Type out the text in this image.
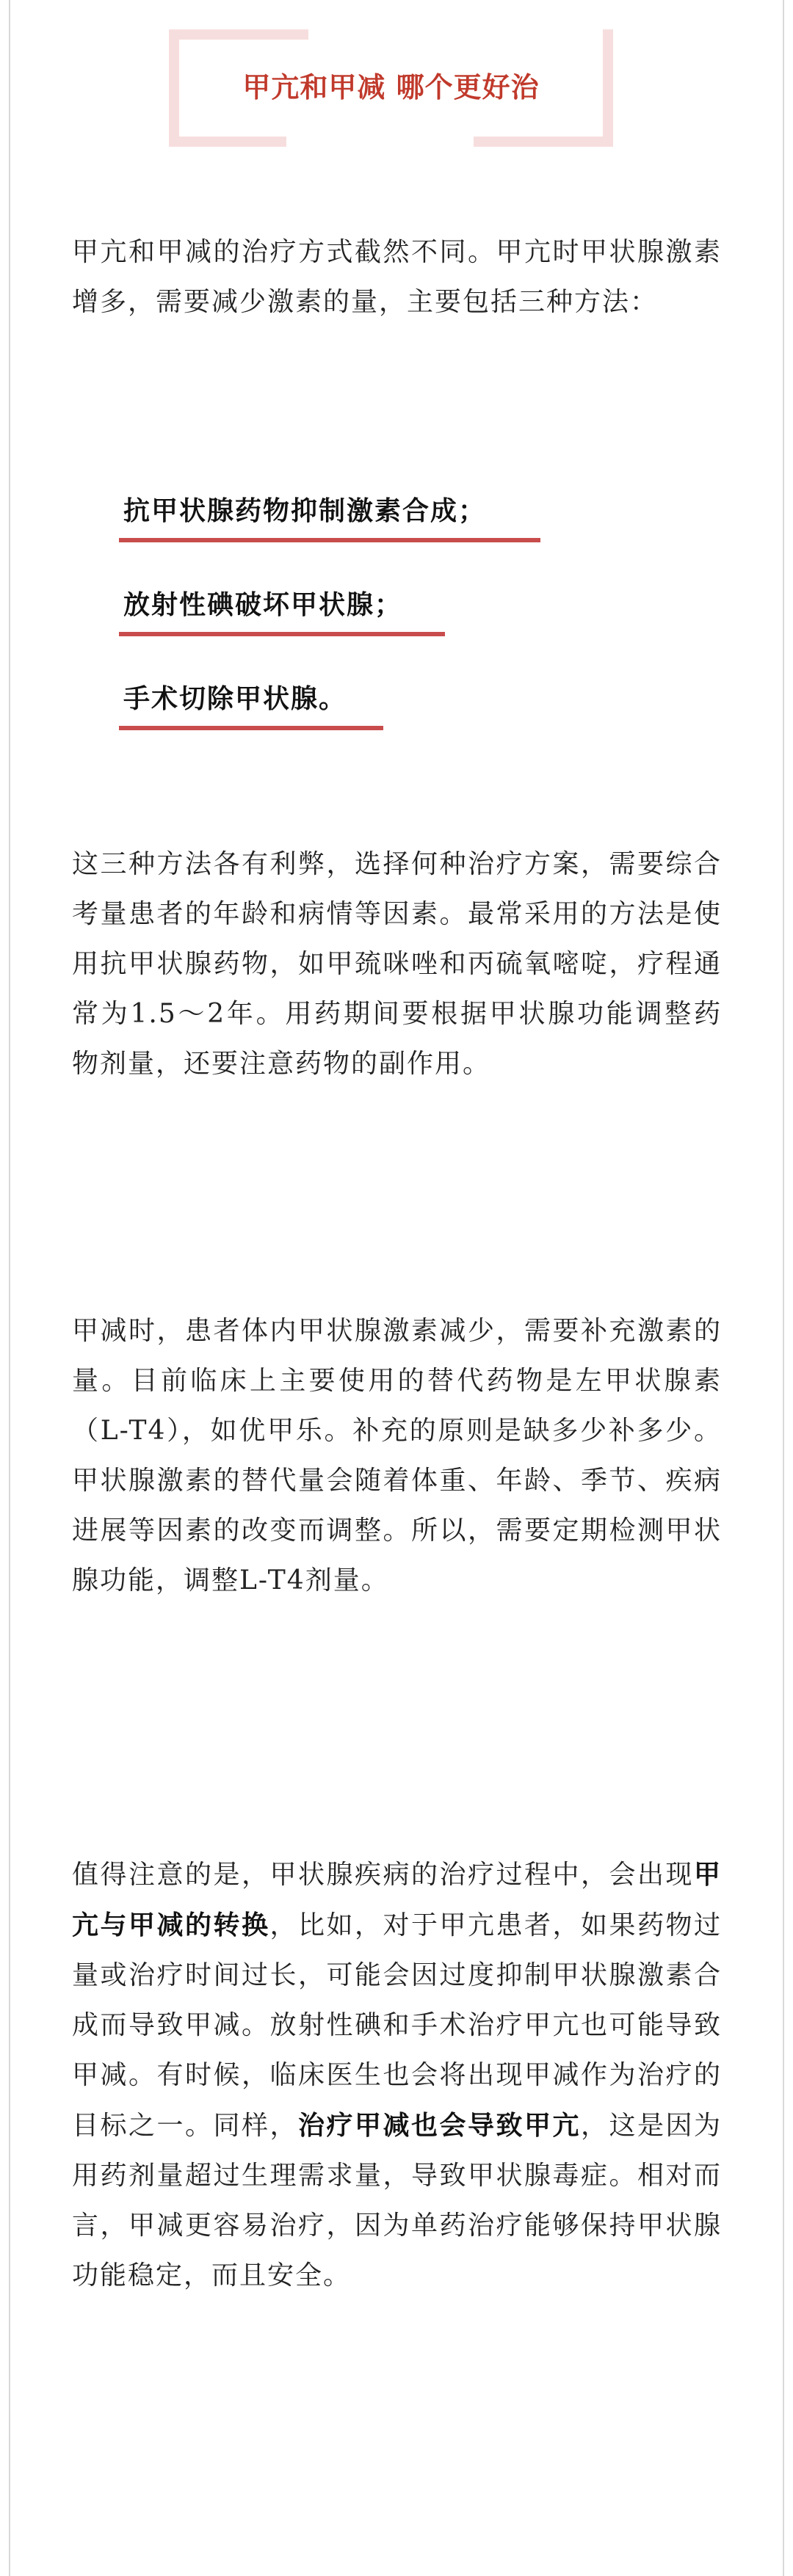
甲亢和甲减 哪个更好治

甲亢和甲减的治疗方式截然不同。甲亢时甲状腺激素增多，需要减少激素的量，主要包括三种方法：

抗甲状腺药物抑制激素合成；
放射性碘破坏甲状腺；
手术切除甲状腺。

这三种方法各有利弊，选择何种治疗方案，需要综合考量患者的年龄和病情等因素。最常采用的方法是使用抗甲状腺药物，如甲巯咪唑和丙硫氧嘧啶，疗程通常为1.5～2年。用药期间要根据甲状腺功能调整药物剂量，还要注意药物的副作用。

甲减时，患者体内甲状腺激素减少，需要补充激素的量。目前临床上主要使用的替代药物是左甲状腺素（L-T4），如优甲乐。补充的原则是缺多少补多少。甲状腺激素的替代量会随着体重、年龄、季节、疾病进展等因素的改变而调整。所以，需要定期检测甲状腺功能，调整L-T4剂量。

值得注意的是，甲状腺疾病的治疗过程中，会出现甲亢与甲减的转换，比如，对于甲亢患者，如果药物过量或治疗时间过长，可能会因过度抑制甲状腺激素合成而导致甲减。放射性碘和手术治疗甲亢也可能导致甲减。有时候，临床医生也会将出现甲减作为治疗的目标之一。同样，治疗甲减也会导致甲亢，这是因为用药剂量超过生理需求量，导致甲状腺毒症。相对而言，甲减更容易治疗，因为单药治疗能够保持甲状腺功能稳定，而且安全。
